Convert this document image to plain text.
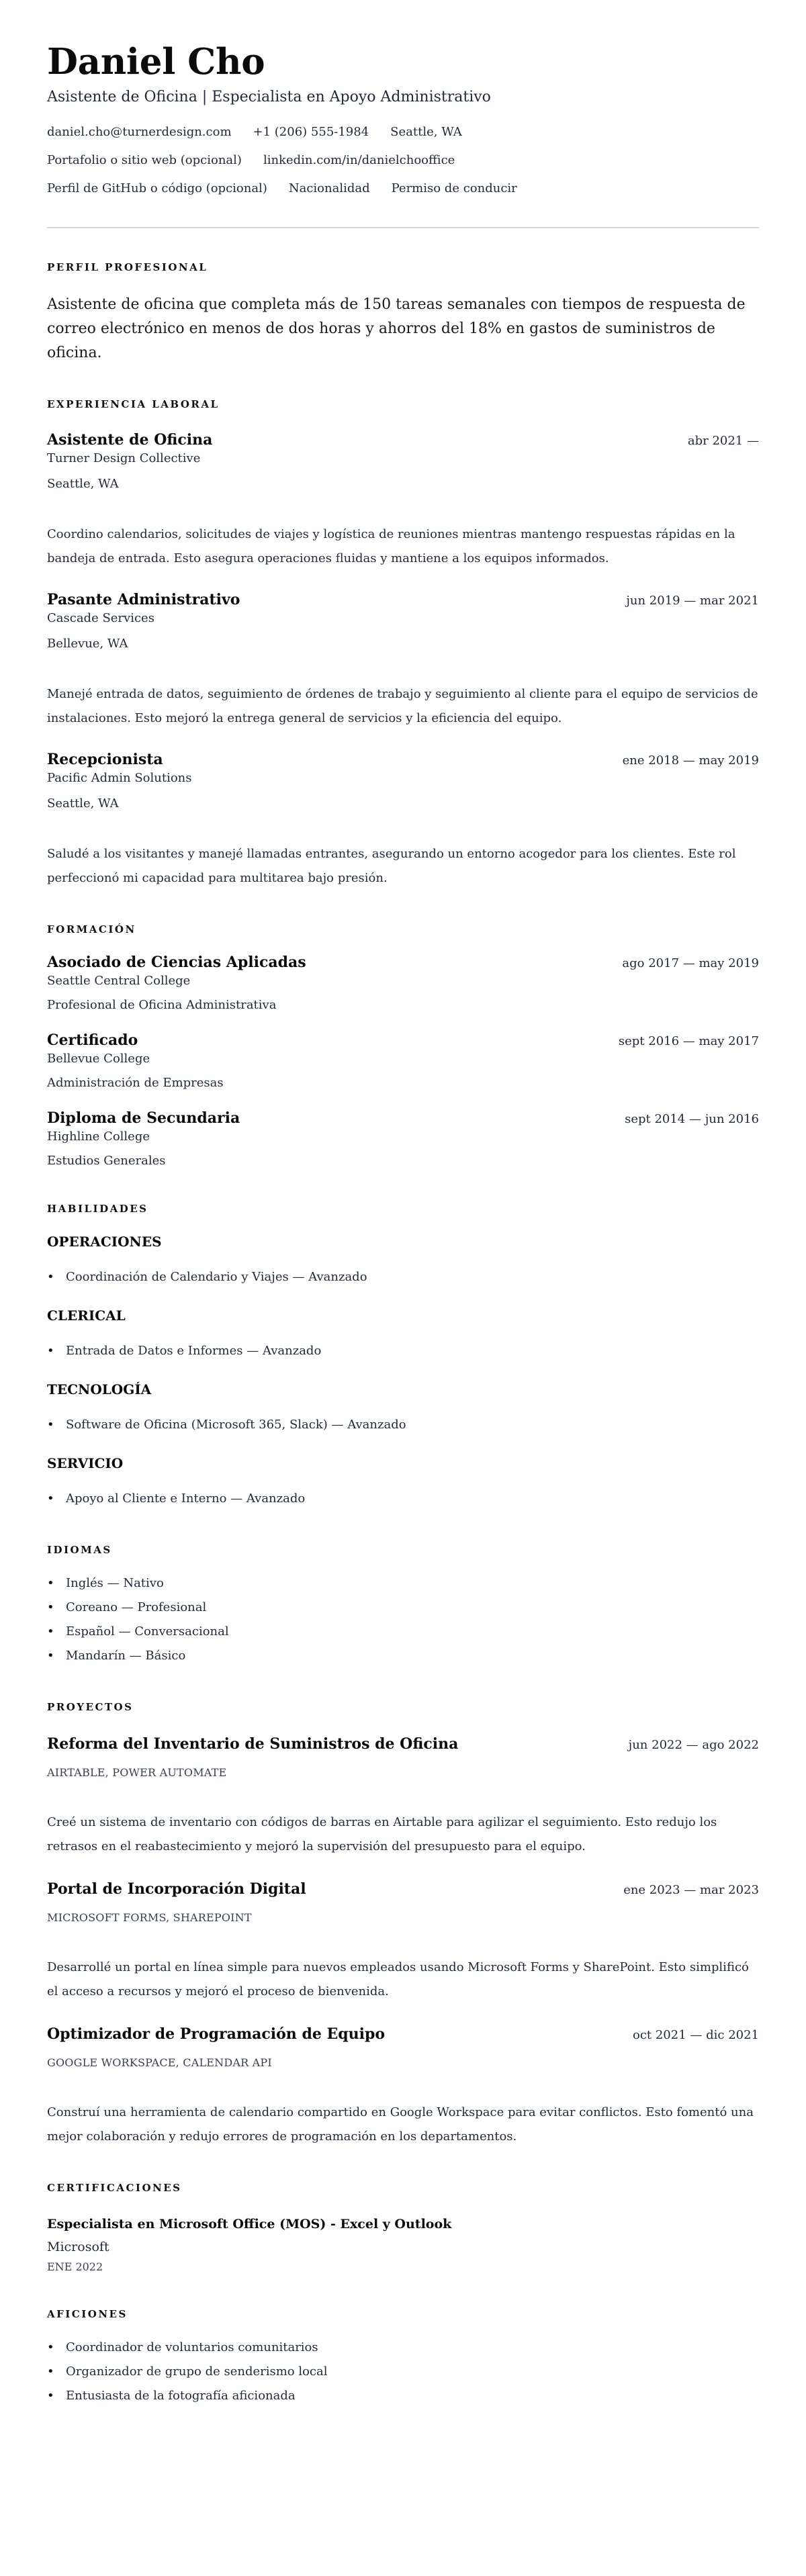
Daniel Cho
Asistente de Oficina | Especialista en Apoyo Administrativo
daniel.cho@turnerdesign.com +1 (206) 555-1984 Seattle, WA
Portafolio o sitio web (opcional) linkedin.com/in/danielchooffice
Perfil de GitHub o código (opcional) Nacionalidad Permiso de conducir
PERFIL PROFESIONAL

Asistente de oficina que completa más de 150 tareas semanales con tiempos de respuesta de correo electrónico en menos de dos horas y ahorros del 18% en gastos de suministros de oficina.

EXPERIENCIA LABORAL
Asistente de Oficina	abr 2021 —
Turner Design Collective
Seattle, WA

Coordino calendarios, solicitudes de viajes y logística de reuniones mientras mantengo respuestas rápidas en la bandeja de entrada. Esto asegura operaciones fluidas y mantiene a los equipos informados.

Pasante Administrativo	jun 2019 — mar 2021
Cascade Services
Bellevue, WA

Manejé entrada de datos, seguimiento de órdenes de trabajo y seguimiento al cliente para el equipo de servicios de instalaciones. Esto mejoró la entrega general de servicios y la eficiencia del equipo.

Recepcionista	ene 2018 — may 2019
Pacific Admin Solutions
Seattle, WA

Saludé a los visitantes y manejé llamadas entrantes, asegurando un entorno acogedor para los clientes. Este rol perfeccionó mi capacidad para multitarea bajo presión.

FORMACIÓN
Asociado de Ciencias Aplicadas	ago 2017 — may 2019
Seattle Central College
Profesional de Oficina Administrativa
Certificado	sept 2016 — may 2017
Bellevue College
Administración de Empresas
Diploma de Secundaria	sept 2014 — jun 2016
Highline College
Estudios Generales
HABILIDADES
OPERACIONES
• Coordinación de Calendario y Viajes — Avanzado
CLERICAL
• Entrada de Datos e Informes — Avanzado
TECNOLOGÍA
• Software de Oficina (Microsoft 365, Slack) — Avanzado
SERVICIO
• Apoyo al Cliente e Interno — Avanzado
IDIOMAS
• Inglés — Nativo
• Coreano — Profesional
• Español — Conversacional
• Mandarín — Básico
PROYECTOS
Reforma del Inventario de Suministros de Oficina	jun 2022 — ago 2022
AIRTABLE, POWER AUTOMATE

Creé un sistema de inventario con códigos de barras en Airtable para agilizar el seguimiento. Esto redujo los retrasos en el reabastecimiento y mejoró la supervisión del presupuesto para el equipo.

Portal de Incorporación Digital	ene 2023 — mar 2023
MICROSOFT FORMS, SHAREPOINT

Desarrollé un portal en línea simple para nuevos empleados usando Microsoft Forms y SharePoint. Esto simplificó el acceso a recursos y mejoró el proceso de bienvenida.

Optimizador de Programación de Equipo	oct 2021 — dic 2021
GOOGLE WORKSPACE, CALENDAR API

Construí una herramienta de calendario compartido en Google Workspace para evitar conflictos. Esto fomentó una mejor colaboración y redujo errores de programación en los departamentos.

CERTIFICACIONES
Especialista en Microsoft Office (MOS) - Excel y Outlook
Microsoft
ENE 2022
AFICIONES
• Coordinador de voluntarios comunitarios
• Organizador de grupo de senderismo local
• Entusiasta de la fotografía aficionada
